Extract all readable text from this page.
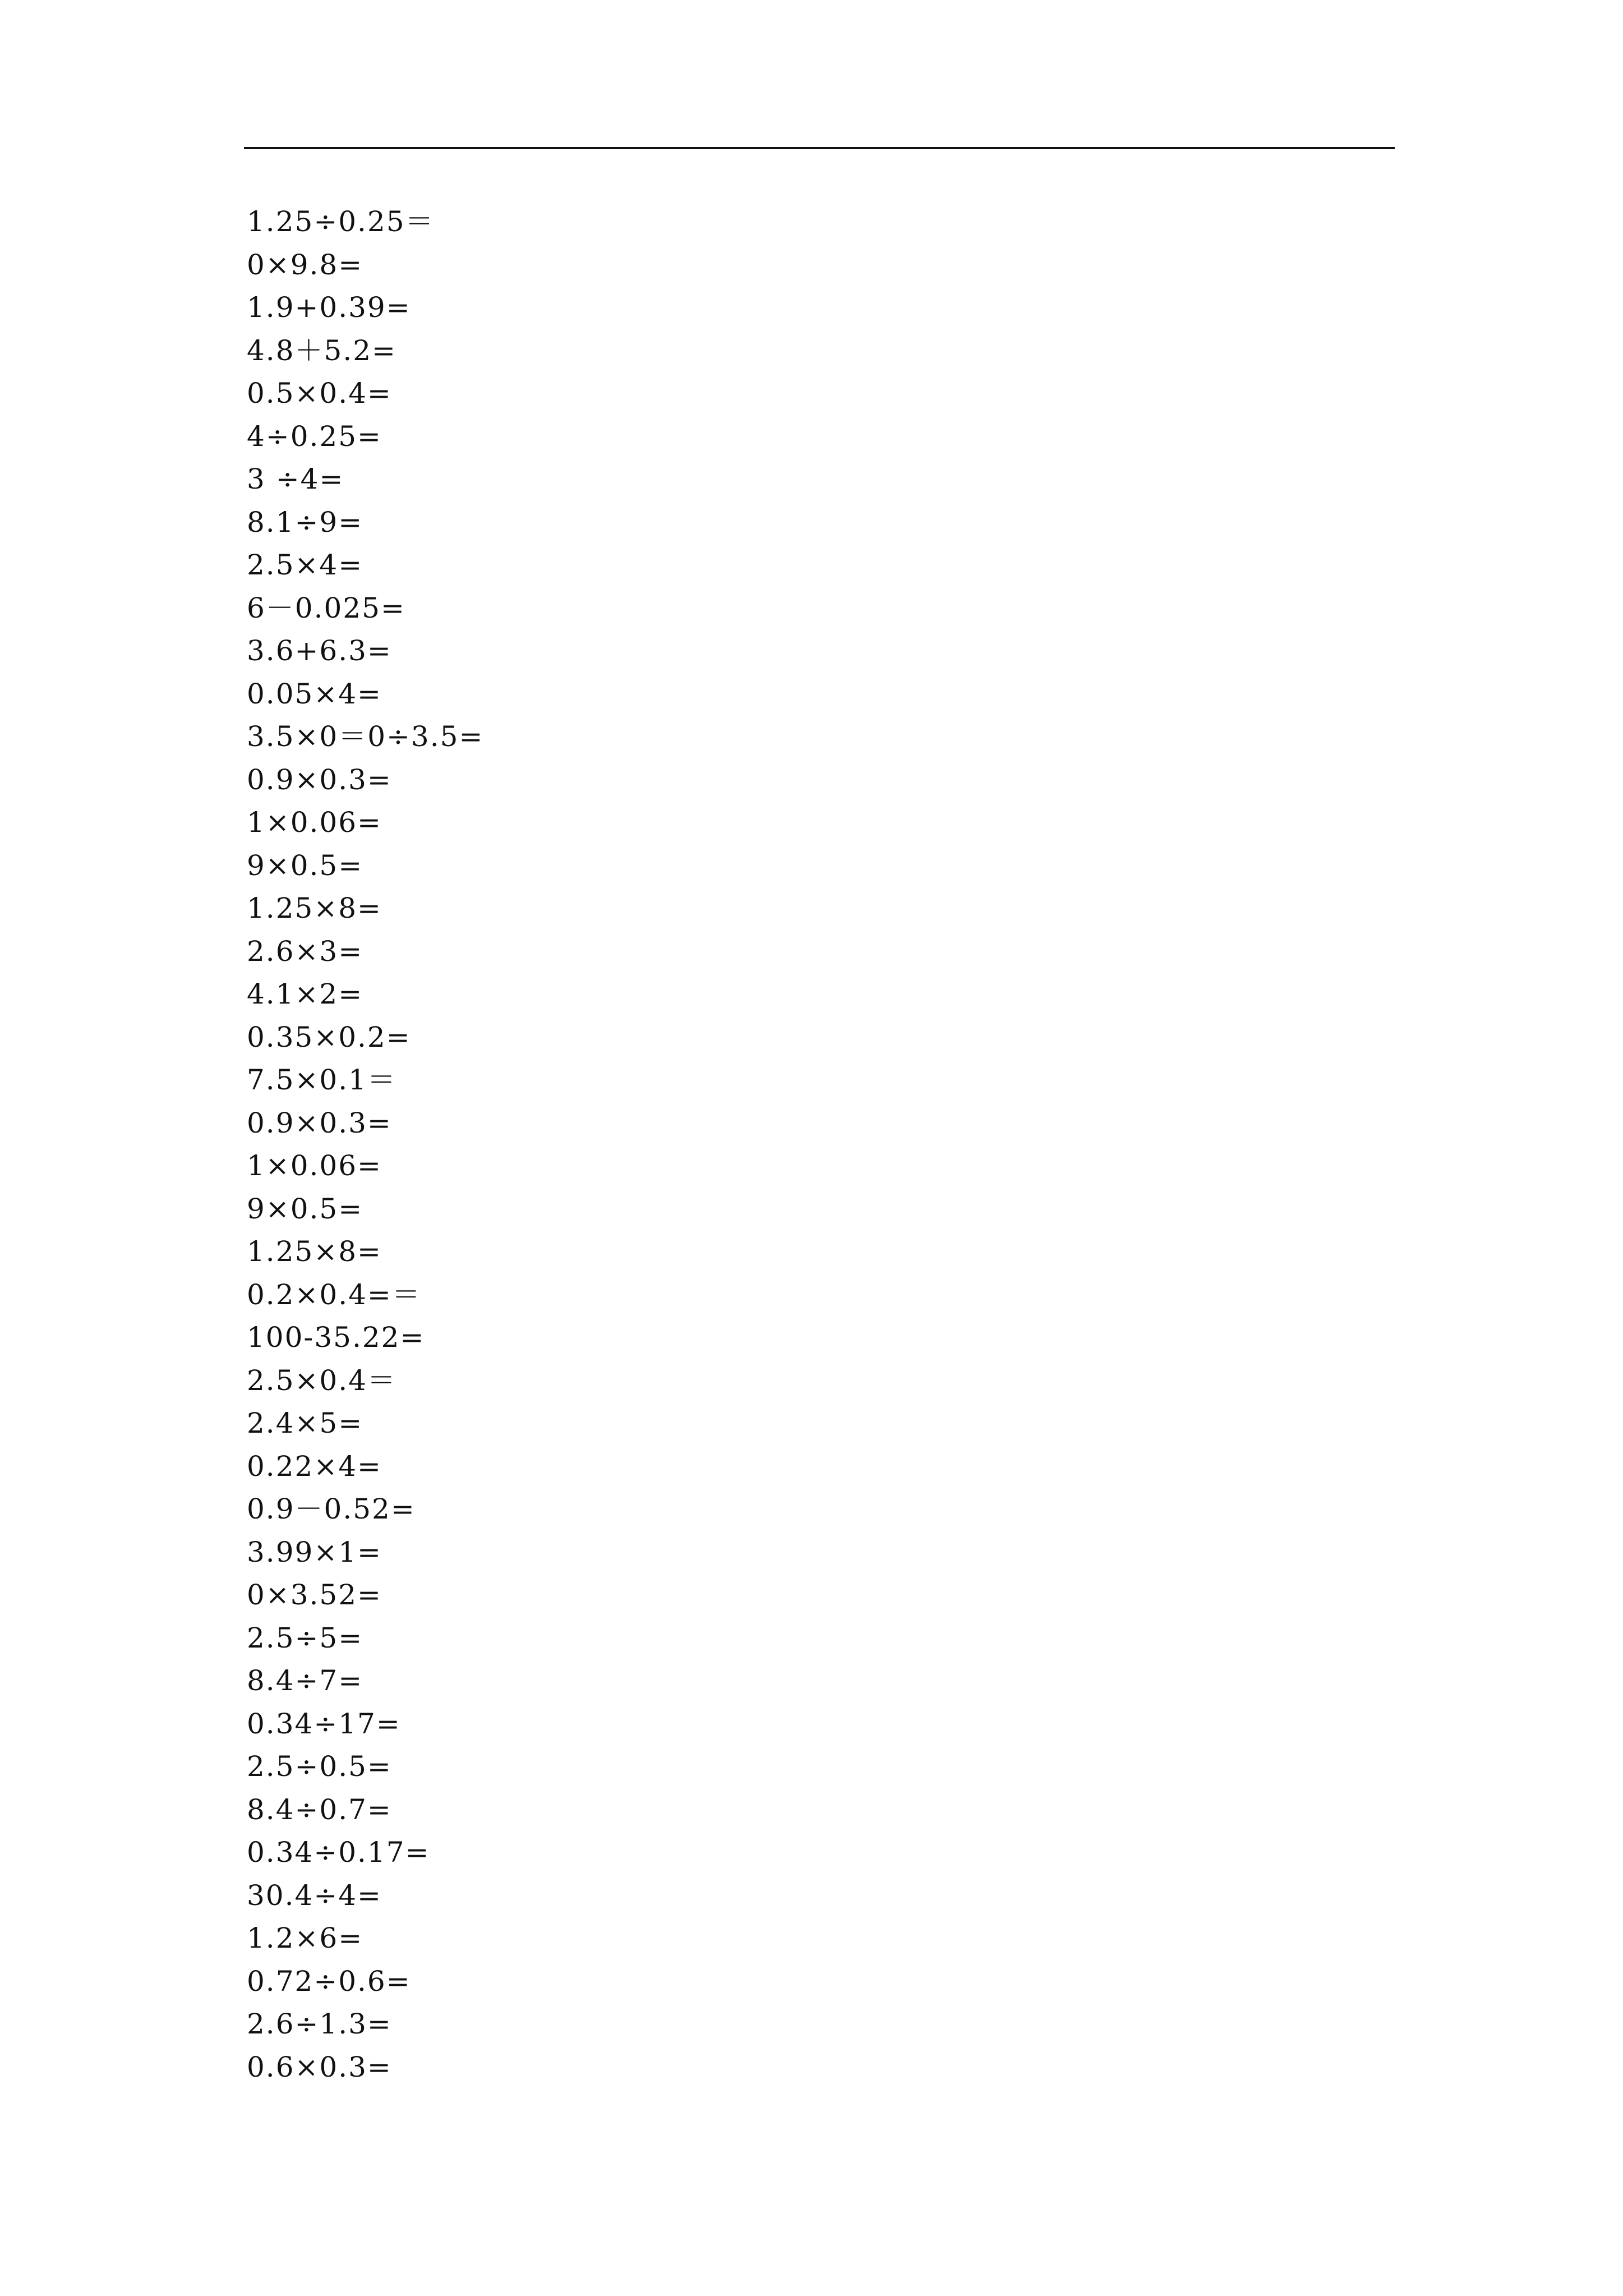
1.25÷0.25＝
0×9.8=
1.9+0.39=
4.8＋5.2=
0.5×0.4=
4÷0.25=
3 ÷4=
8.1÷9=
2.5×4=
6－0.025=
3.6+6.3=
0.05×4=
3.5×0＝0÷3.5=
0.9×0.3=
1×0.06=
9×0.5=
1.25×8=
2.6×3=
4.1×2=
0.35×0.2=
7.5×0.1＝
0.9×0.3=
1×0.06=
9×0.5=
1.25×8=
0.2×0.4=＝
100-35.22=
2.5×0.4＝
2.4×5=
0.22×4=
0.9－0.52=
3.99×1=
0×3.52=
2.5÷5=
8.4÷7=
0.34÷17=
2.5÷0.5=
8.4÷0.7=
0.34÷0.17=
30.4÷4=
1.2×6=
0.72÷0.6=
2.6÷1.3=
0.6×0.3=
